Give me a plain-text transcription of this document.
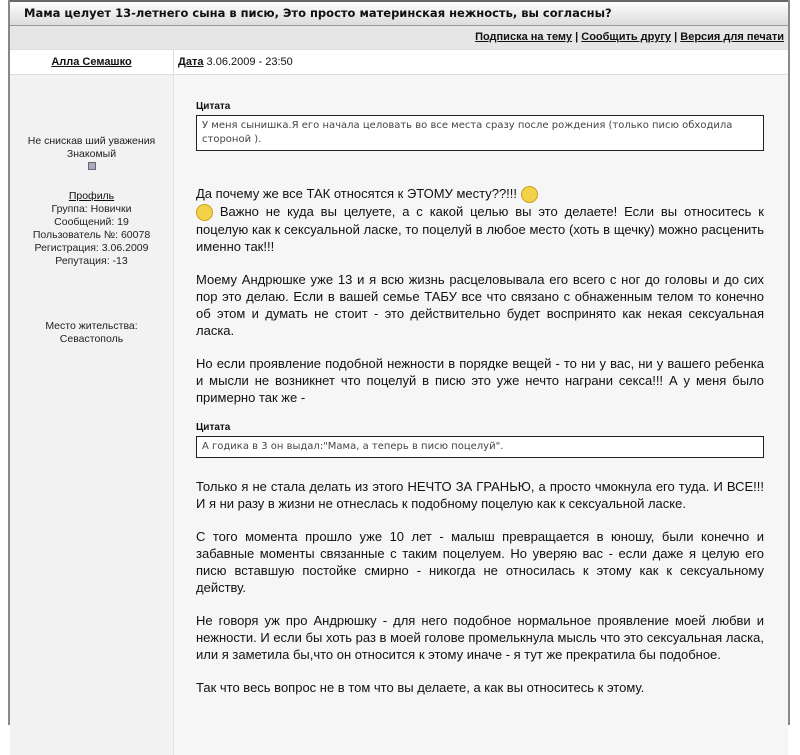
Мама целует 13-летнего сына в писю, Это просто материнская нежность, вы согласны?
Подписка на тему | Сообщить другу | Версия для печати
Алла Семашко	Дата 3.06.2009 - 23:50
Не снискав ший уважения
Знакомый
Профиль
Группа: Новички
Сообщений: 19
Пользователь №: 60078
Регистрация: 3.06.2009
Репутация: -13
Место жительства:
Севастополь
Цитата
У меня сынишка.Я его начала целовать во все места сразу после рождения (только писю обходила стороной ).

Да почему же все ТАК относятся к ЭТОМУ месту??!!!

Важно не куда вы целуете, а с какой целью вы это делаете! Если вы относитесь к поцелую как к сексуальной ласке, то поцелуй в любое место (хоть в щечку) можно расценить именно так!!!

Моему Андрюшке уже 13 и я всю жизнь расцеловывала его всего с ног до головы и до сих пор это делаю. Если в вашей семье ТАБУ все что связано с обнаженным телом то конечно об этом и думать не стоит - это действительно будет воспринято как некая сексуальная ласка.

Но если проявление подобной нежности в порядке вещей - то ни у вас, ни у вашего ребенка и мысли не возникнет что поцелуй в писю это уже нечто награни секса!!! А у меня было примерно так же -

Цитата
А годика в 3 он выдал:"Мама, а теперь в писю поцелуй".

Только я не стала делать из этого НЕЧТО ЗА ГРАНЬЮ, а просто чмокнула его туда. И ВСЕ!!! И я ни разу в жизни не отнеслась к подобному поцелую как к сексуальной ласке.

С того момента прошло уже 10 лет - малыш превращается в юношу, были конечно и забавные моменты связанные с таким поцелуем. Но уверяю вас - если даже я целую его писю вставшую постойке смирно - никогда не относилась к этому как к сексуальному действу.

Не говоря уж про Андрюшку - для него подобное нормальное проявление моей любви и нежности. И если бы хоть раз в моей голове промелькнула мысль что это сексуальная ласка, или я заметила бы,что он относится к этому иначе - я тут же прекратила бы подобное.

Так что весь вопрос не в том что вы делаете, а как вы относитесь к этому.
